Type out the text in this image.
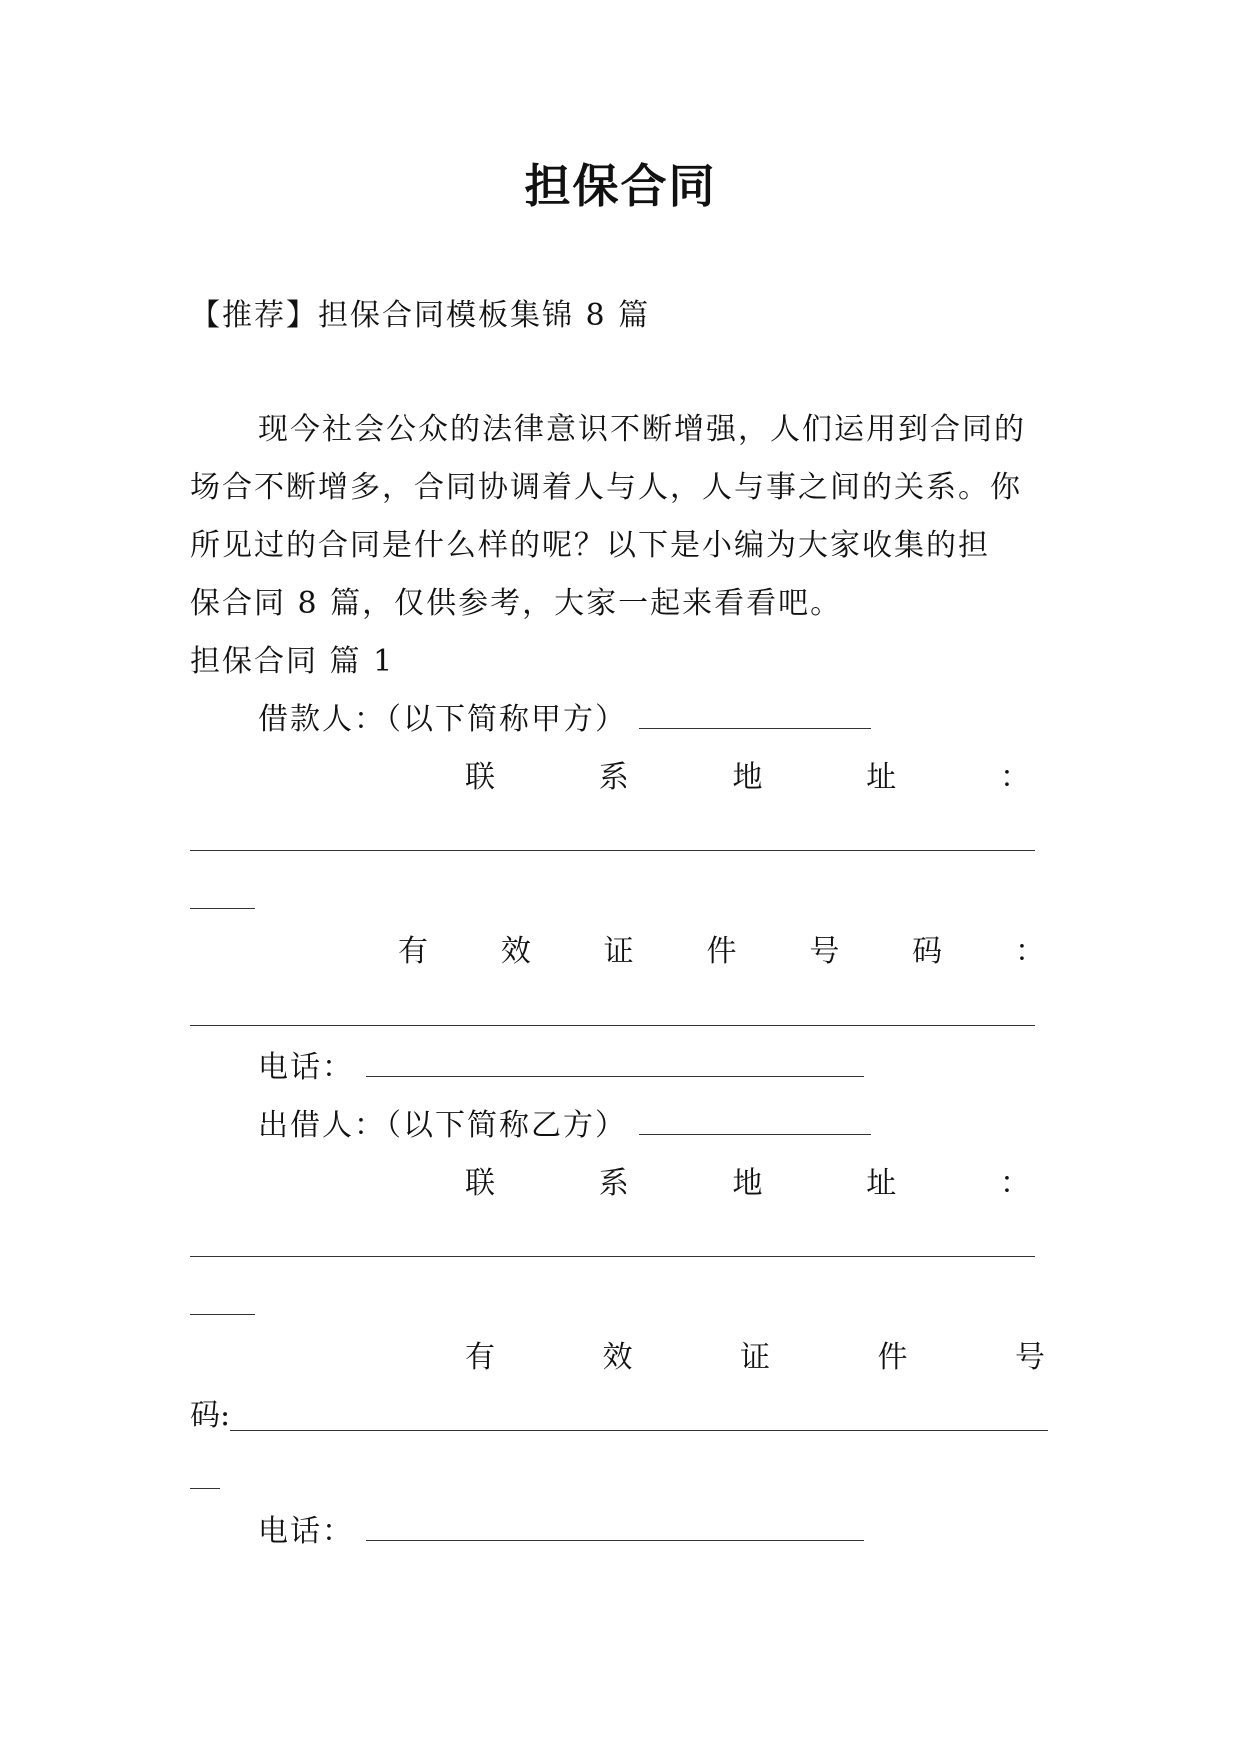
担保合同
【推荐】担保合同模板集锦 8 篇
现今社会公众的法律意识不断增强，人们运用到合同的
场合不断增多，合同协调着人与人，人与事之间的关系。你
所见过的合同是什么样的呢？以下是小编为大家收集的担
保合同 8 篇，仅供参考，大家一起来看看吧。
担保合同 篇 1
借款人：（以下简称甲方）
联	系	地	址	：
有 效 证 件 号 码 ：
电话：
出借人：（以下简称乙方）
联	系	地	址	：
有	效	证	件	号
码:
电话：
